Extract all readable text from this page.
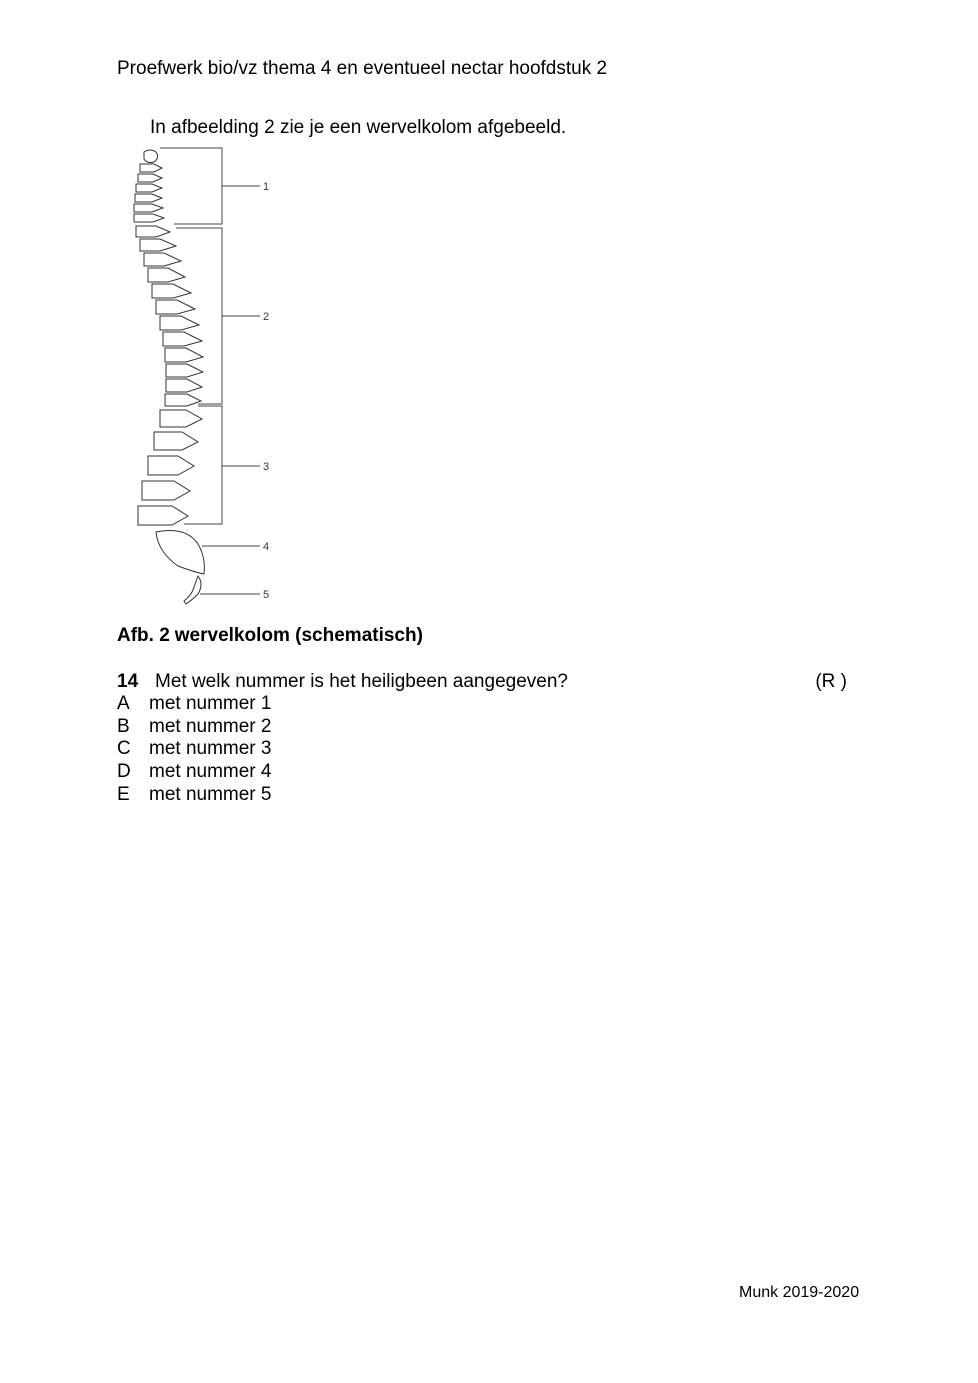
Proefwerk bio/vz thema 4 en eventueel nectar hoofdstuk 2
In afbeelding 2 zie je een wervelkolom afgebeeld.
1
2
3
4
5
Afb. 2 wervelkolom (schematisch)
14 Met welk nummer is het heiligbeen aangegeven?	(R )
A met nummer 1
B met nummer 2
C met nummer 3
D met nummer 4
E met nummer 5
Munk 2019-2020
